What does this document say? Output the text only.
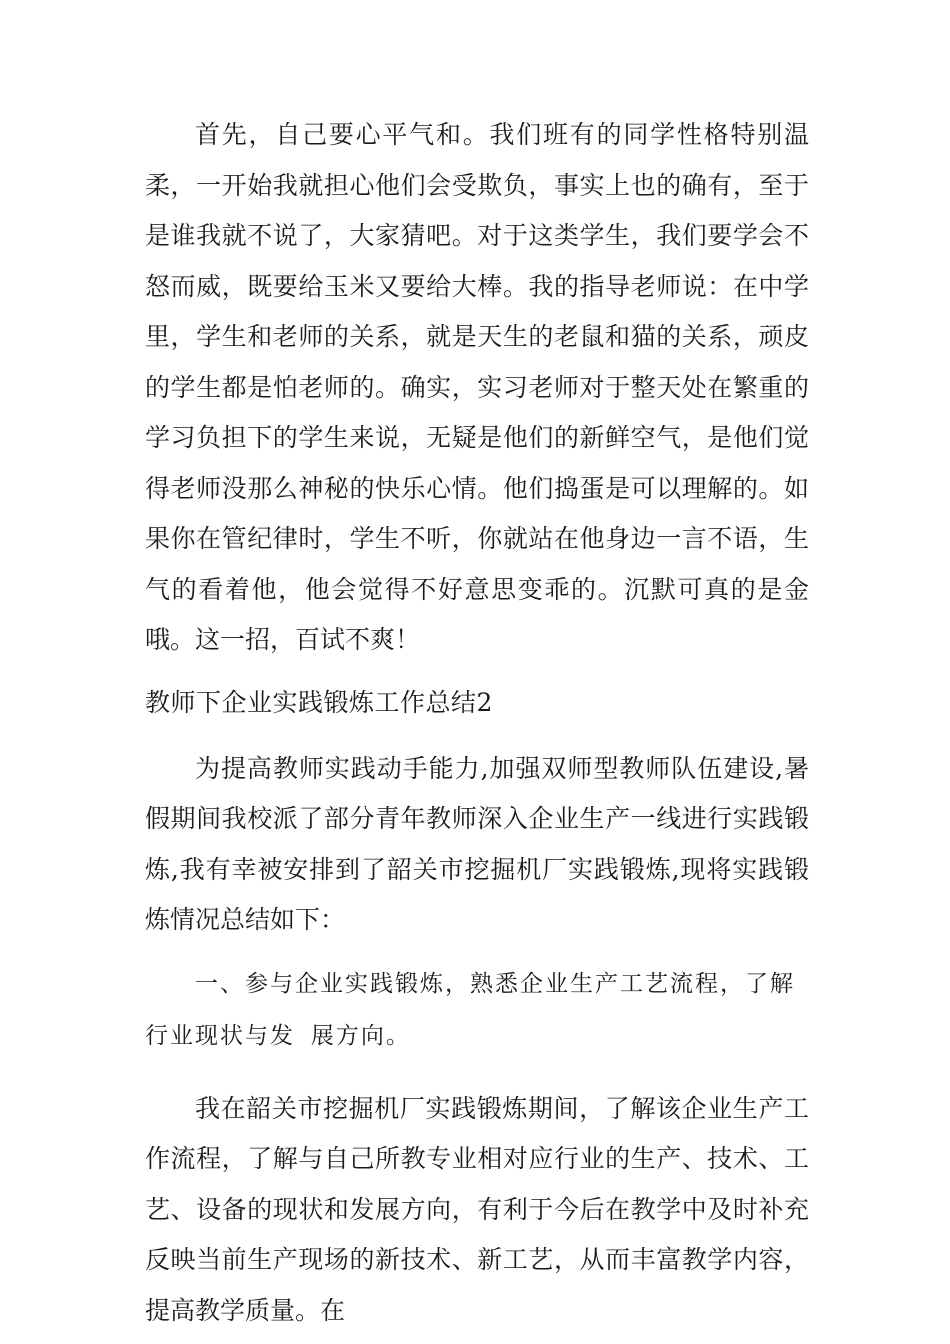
首先，自己要心平气和。我们班有的同学性格特别温柔，一开始我就担心他们会受欺负，事实上也的确有，至于是谁我就不说了，大家猜吧。对于这类学生，我们要学会不怒而威，既要给玉米又要给大棒。我的指导老师说：在中学里，学生和老师的关系，就是天生的老鼠和猫的关系，顽皮的学生都是怕老师的。确实，实习老师对于整天处在繁重的学习负担下的学生来说，无疑是他们的新鲜空气，是他们觉得老师没那么神秘的快乐心情。他们捣蛋是可以理解的。如果你在管纪律时，学生不听，你就站在他身边一言不语，生气的看着他，他会觉得不好意思变乖的。沉默可真的是金哦。这一招，百试不爽！

教师下企业实践锻炼工作总结2

为提高教师实践动手能力,加强双师型教师队伍建设,暑假期间我校派了部分青年教师深入企业生产一线进行实践锻炼,我有幸被安排到了韶关市挖掘机厂实践锻炼,现将实践锻炼情况总结如下：

一、参与企业实践锻炼，熟悉企业生产工艺流程，了解行业现状与发 展方向。

我在韶关市挖掘机厂实践锻炼期间，了解该企业生产工作流程，了解与自己所教专业相对应行业的生产、技术、工艺、设备的现状和发展方向，有利于今后在教学中及时补充反映当前生产现场的新技术、新工艺，从而丰富教学内容，提高教学质量。在
